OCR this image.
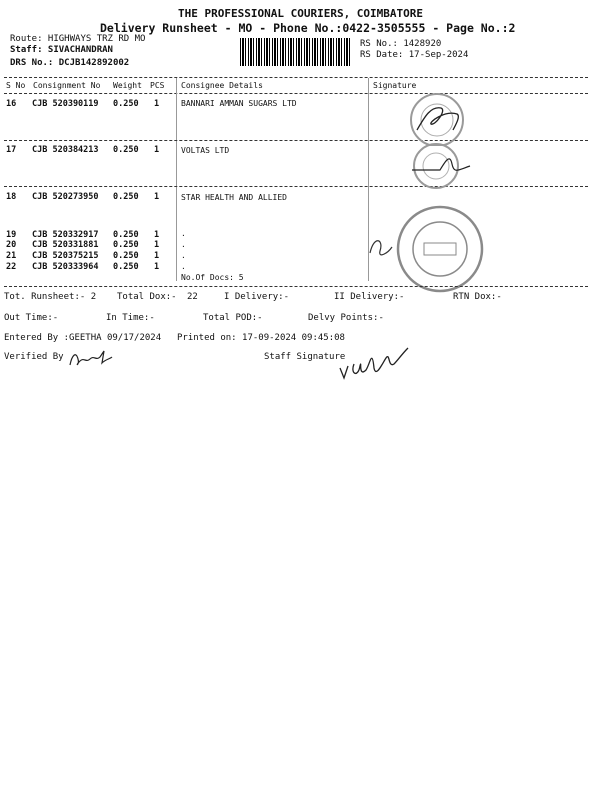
THE PROFESSIONAL COURIERS, COIMBATORE
Delivery Runsheet - MO - Phone No.:0422-3505555 - Page No.:2
Route: HIGHWAYS TRZ RD MO
Staff: SIVACHANDRAN
DRS No.: DCJB142892002
RS No.: 1428920
RS Date: 17-Sep-2024
S No Consignment No Weight PCS Consignee Details	Signature
16 CJB 520390119 0.250 1	BANNARI AMMAN SUGARS LTD
17 CJB 520384213 0.250 1	VOLTAS LTD
18 CJB 520273950 0.250 1	STAR HEALTH AND ALLIED
19 CJB 520332917 0.250 1	.
20 CJB 520331881 0.250 1	.
21 CJB 520375215 0.250 1	.
22 CJB 520333964 0.250 1	.
No.Of Docs: 5
Tot. Runsheet:- 2 Total Dox:- 22	I Delivery:-	II Delivery:-	RTN Dox:-
Out Time:-	In Time:-	Total POD:-	Delvy Points:-
Entered By :GEETHA 09/17/2024 Printed on: 17-09-2024 09:45:08
Verified By	Staff Signature
